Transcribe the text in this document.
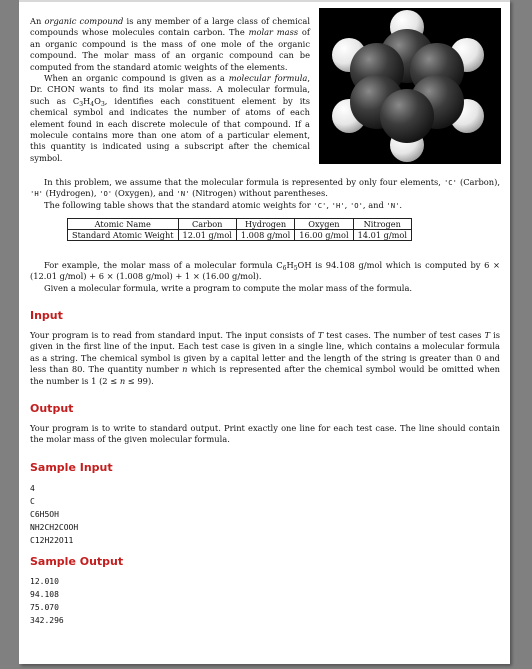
An organic compound is any member of a large class of chemical compounds whose molecules contain carbon. The molar mass of an organic compound is the mass of one mole of the organic compound. The molar mass of an organic compound can be computed from the standard atomic weights of the elements.

When an organic compound is given as a molecular formula, Dr. CHON wants to find its molar mass. A molecular formula, such as $C_3H_4O_3$, identifies each constituent element by its chemical symbol and indicates the number of atoms of each element found in each discrete molecule of that compound. If a molecule contains more than one atom of a particular element, this quantity is indicated using a subscript after the chemical symbol.

In this problem, we assume that the molecular formula is represented by only four elements, 'C' (Carbon), 'H' (Hydrogen), 'O' (Oxygen), and 'N' (Nitrogen) without parentheses.

The following table shows that the standard atomic weights for 'C', 'H', 'O', and 'N'.

Atomic Name	Carbon	Hydrogen	Oxygen	Nitrogen
Standard Atomic Weight	12.01 g/mol	1.008 g/mol	16.00 g/mol	14.01 g/mol

For example, the molar mass of a molecular formula $C_6H_5OH$ is 94.108 g/mol which is computed by 6 × (12.01 g/mol) + 6 × (1.008 g/mol) + 1 × (16.00 g/mol).

Given a molecular formula, write a program to compute the molar mass of the formula.

Input

Your program is to read from standard input. The input consists of T test cases. The number of test cases T is given in the first line of the input. Each test case is given in a single line, which contains a molecular formula as a string. The chemical symbol is given by a capital letter and the length of the string is greater than 0 and less than 80. The quantity number n which is represented after the chemical symbol would be omitted when the number is 1 (2 ≤ n ≤ 99).

Output

Your program is to write to standard output. Print exactly one line for each test case. The line should contain the molar mass of the given molecular formula.

Sample Input
4
C
C6H5OH
NH2CH2COOH
C12H22O11
Sample Output
12.010
94.108
75.070
342.296
